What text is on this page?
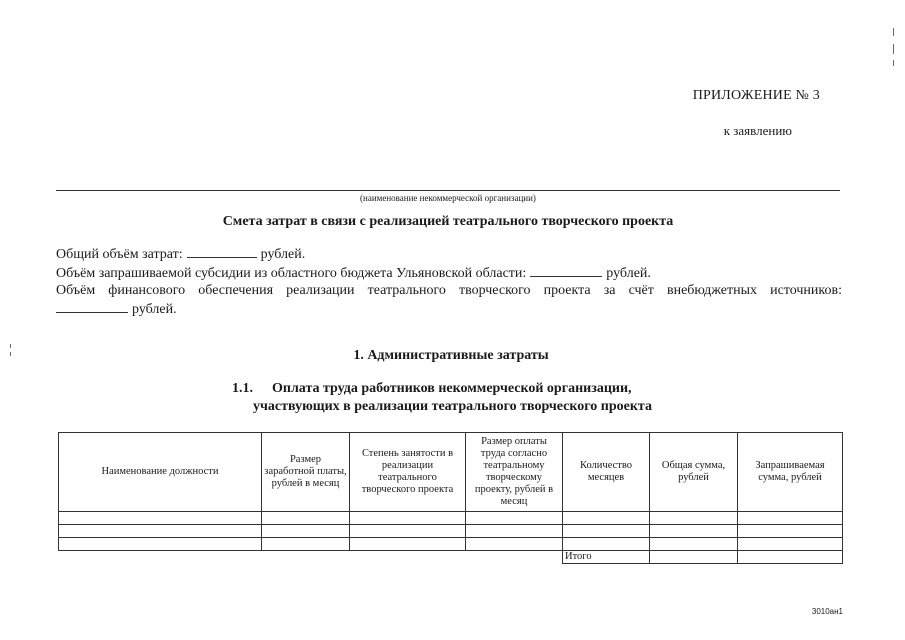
ПРИЛОЖЕНИЕ № 3
к заявлению
(наименование некоммерческой организации)
Смета затрат в связи с реализацией театрального творческого проекта
Общий объём затрат:	рублей.
Объём запрашиваемой субсидии из областного бюджета Ульяновской области:	рублей.
Объём финансового обеспечения реализации театрального творческого проекта за счёт внебюджетных источников:
рублей.
1. Административные затраты
1.1. Оплата труда работников некоммерческой организации,
участвующих в реализации театрального творческого проекта
Наименование должности	Размер заработной платы, рублей в месяц	Степень занятости в реализации театрального творческого проекта	Размер оплаты труда согласно театральному творческому проекту, рублей в месяц	Количество месяцев	Общая сумма, рублей	Запрашиваемая сумма, рублей

				Итого		
3010ан1
